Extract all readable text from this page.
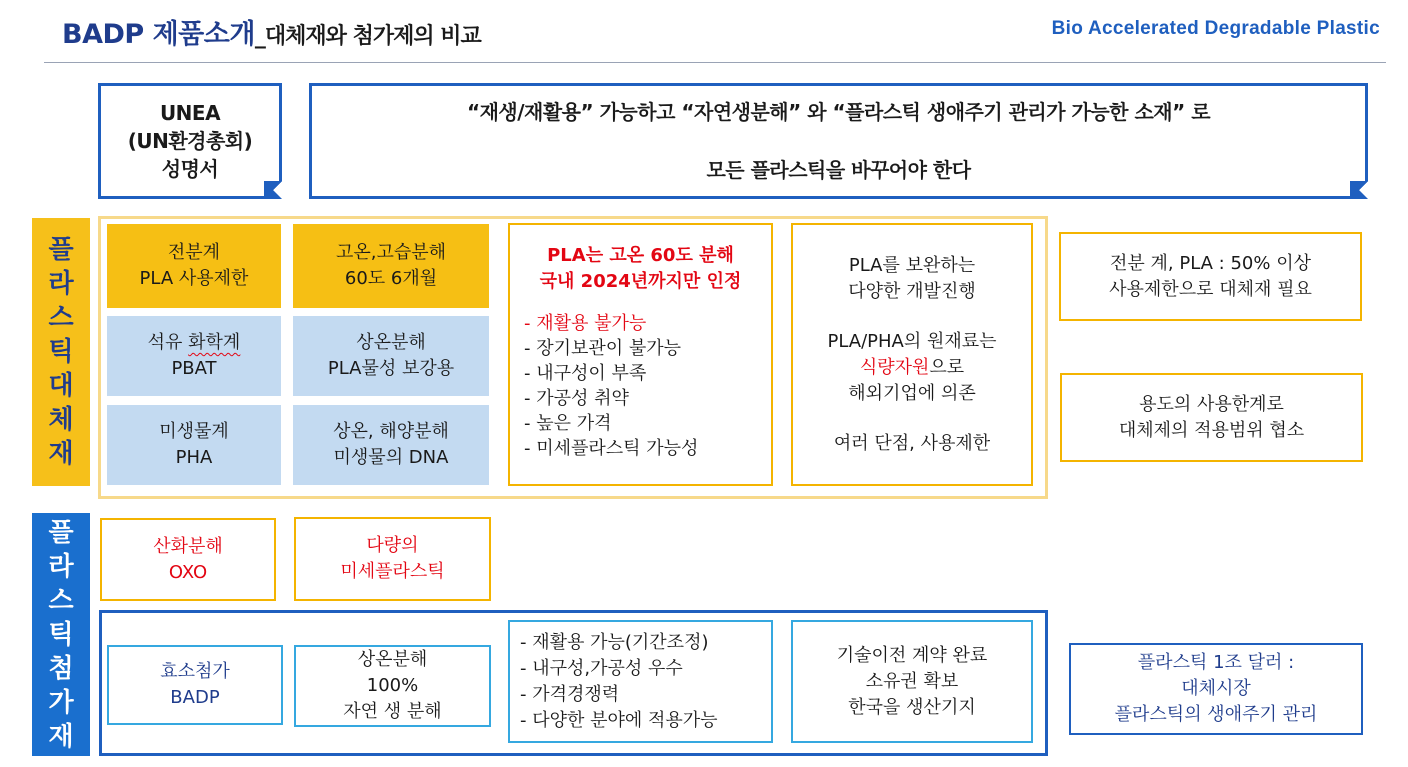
BADP 제품소개_대체재와 첨가제의 비교	Bio Accelerated Degradable Plastic
UNEA
(UN환경총회)
성명서
“재생/재활용” 가능하고 “자연생분해” 와 “플라스틱 생애주기 관리가 가능한 소재” 로
모든 플라스틱을 바꾸어야 한다
플
라
스
틱
대
체
재
전분계
PLA 사용제한
고온,고습분해
60도 6개월
석유 화학계
PBAT
상온분해
PLA물성 보강용
미생물계
PHA
상온, 해양분해
미생물의 DNA
PLA는 고온 60도 분해
국내 2024년까지만 인정
- 재활용 불가능
- 장기보관이 불가능
- 내구성이 부족
- 가공성 취약
- 높은 가격
- 미세플라스틱 가능성
PLA를 보완하는
다양한 개발진행
PLA/PHA의 원재료는
식량자원으로
해외기업에 의존
여러 단점, 사용제한
전분 계, PLA : 50% 이상
사용제한으로 대체재 필요
용도의 사용한계로
대체제의 적용범위 협소
플
라
스
틱
첨
가
재
산화분해
OXO
다량의
미세플라스틱
효소첨가
BADP
상온분해
100%
자연 생 분해
- 재활용 가능(기간조정)
- 내구성,가공성 우수
- 가격경쟁력
- 다양한 분야에 적용가능
기술이전 계약 완료
소유권 확보
한국을 생산기지
플라스틱 1조 달러 :
대체시장
플라스틱의 생애주기 관리
